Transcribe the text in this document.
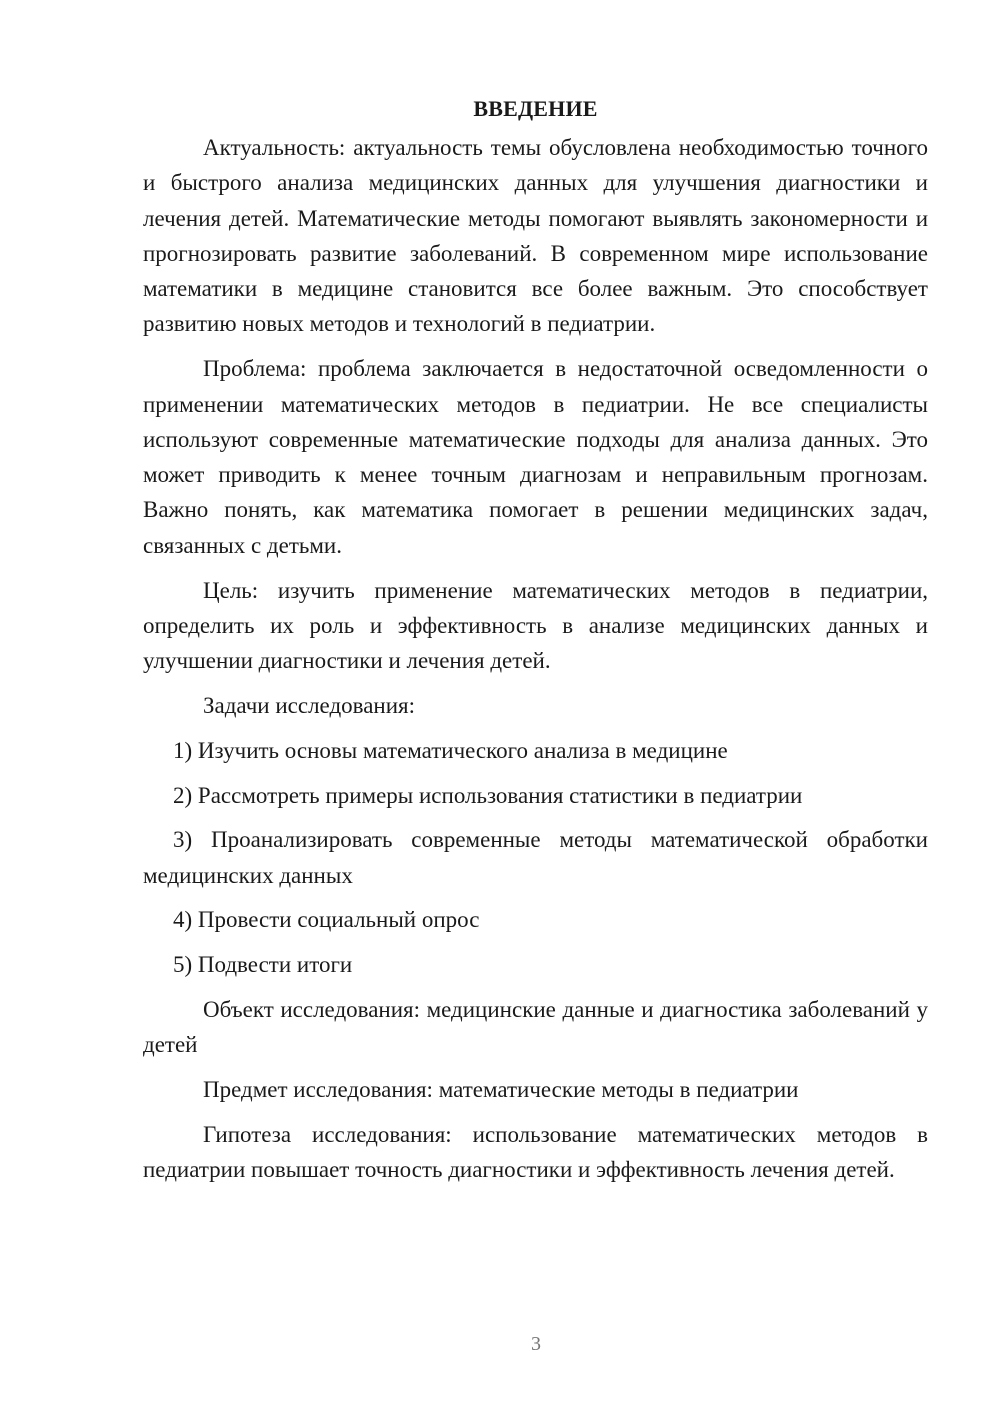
ВВЕДЕНИЕ

Актуальность: актуальность темы обусловлена необходимостью точного и быстрого анализа медицинских данных для улучшения диагностики и лечения детей. Математические методы помогают выявлять закономерности и прогнозировать развитие заболеваний. В современном мире использование математики в медицине становится все более важным. Это способствует развитию новых методов и технологий в педиатрии.

Проблема: проблема заключается в недостаточной осведомленности о применении математических методов в педиатрии. Не все специалисты используют современные математические подходы для анализа данных. Это может приводить к менее точным диагнозам и неправильным прогнозам. Важно понять, как математика помогает в решении медицинских задач, связанных с детьми.

Цель: изучить применение математических методов в педиатрии, определить их роль и эффективность в анализе медицинских данных и улучшении диагностики и лечения детей.

Задачи исследования:

1) Изучить основы математического анализа в медицине

2) Рассмотреть примеры использования статистики в педиатрии

3) Проанализировать современные методы математической обработки медицинских данных

4) Провести социальный опрос

5) Подвести итоги

Объект исследования: медицинские данные и диагностика заболеваний у детей

Предмет исследования: математические методы в педиатрии

Гипотеза исследования: использование математических методов в педиатрии повышает точность диагностики и эффективность лечения детей.

3
